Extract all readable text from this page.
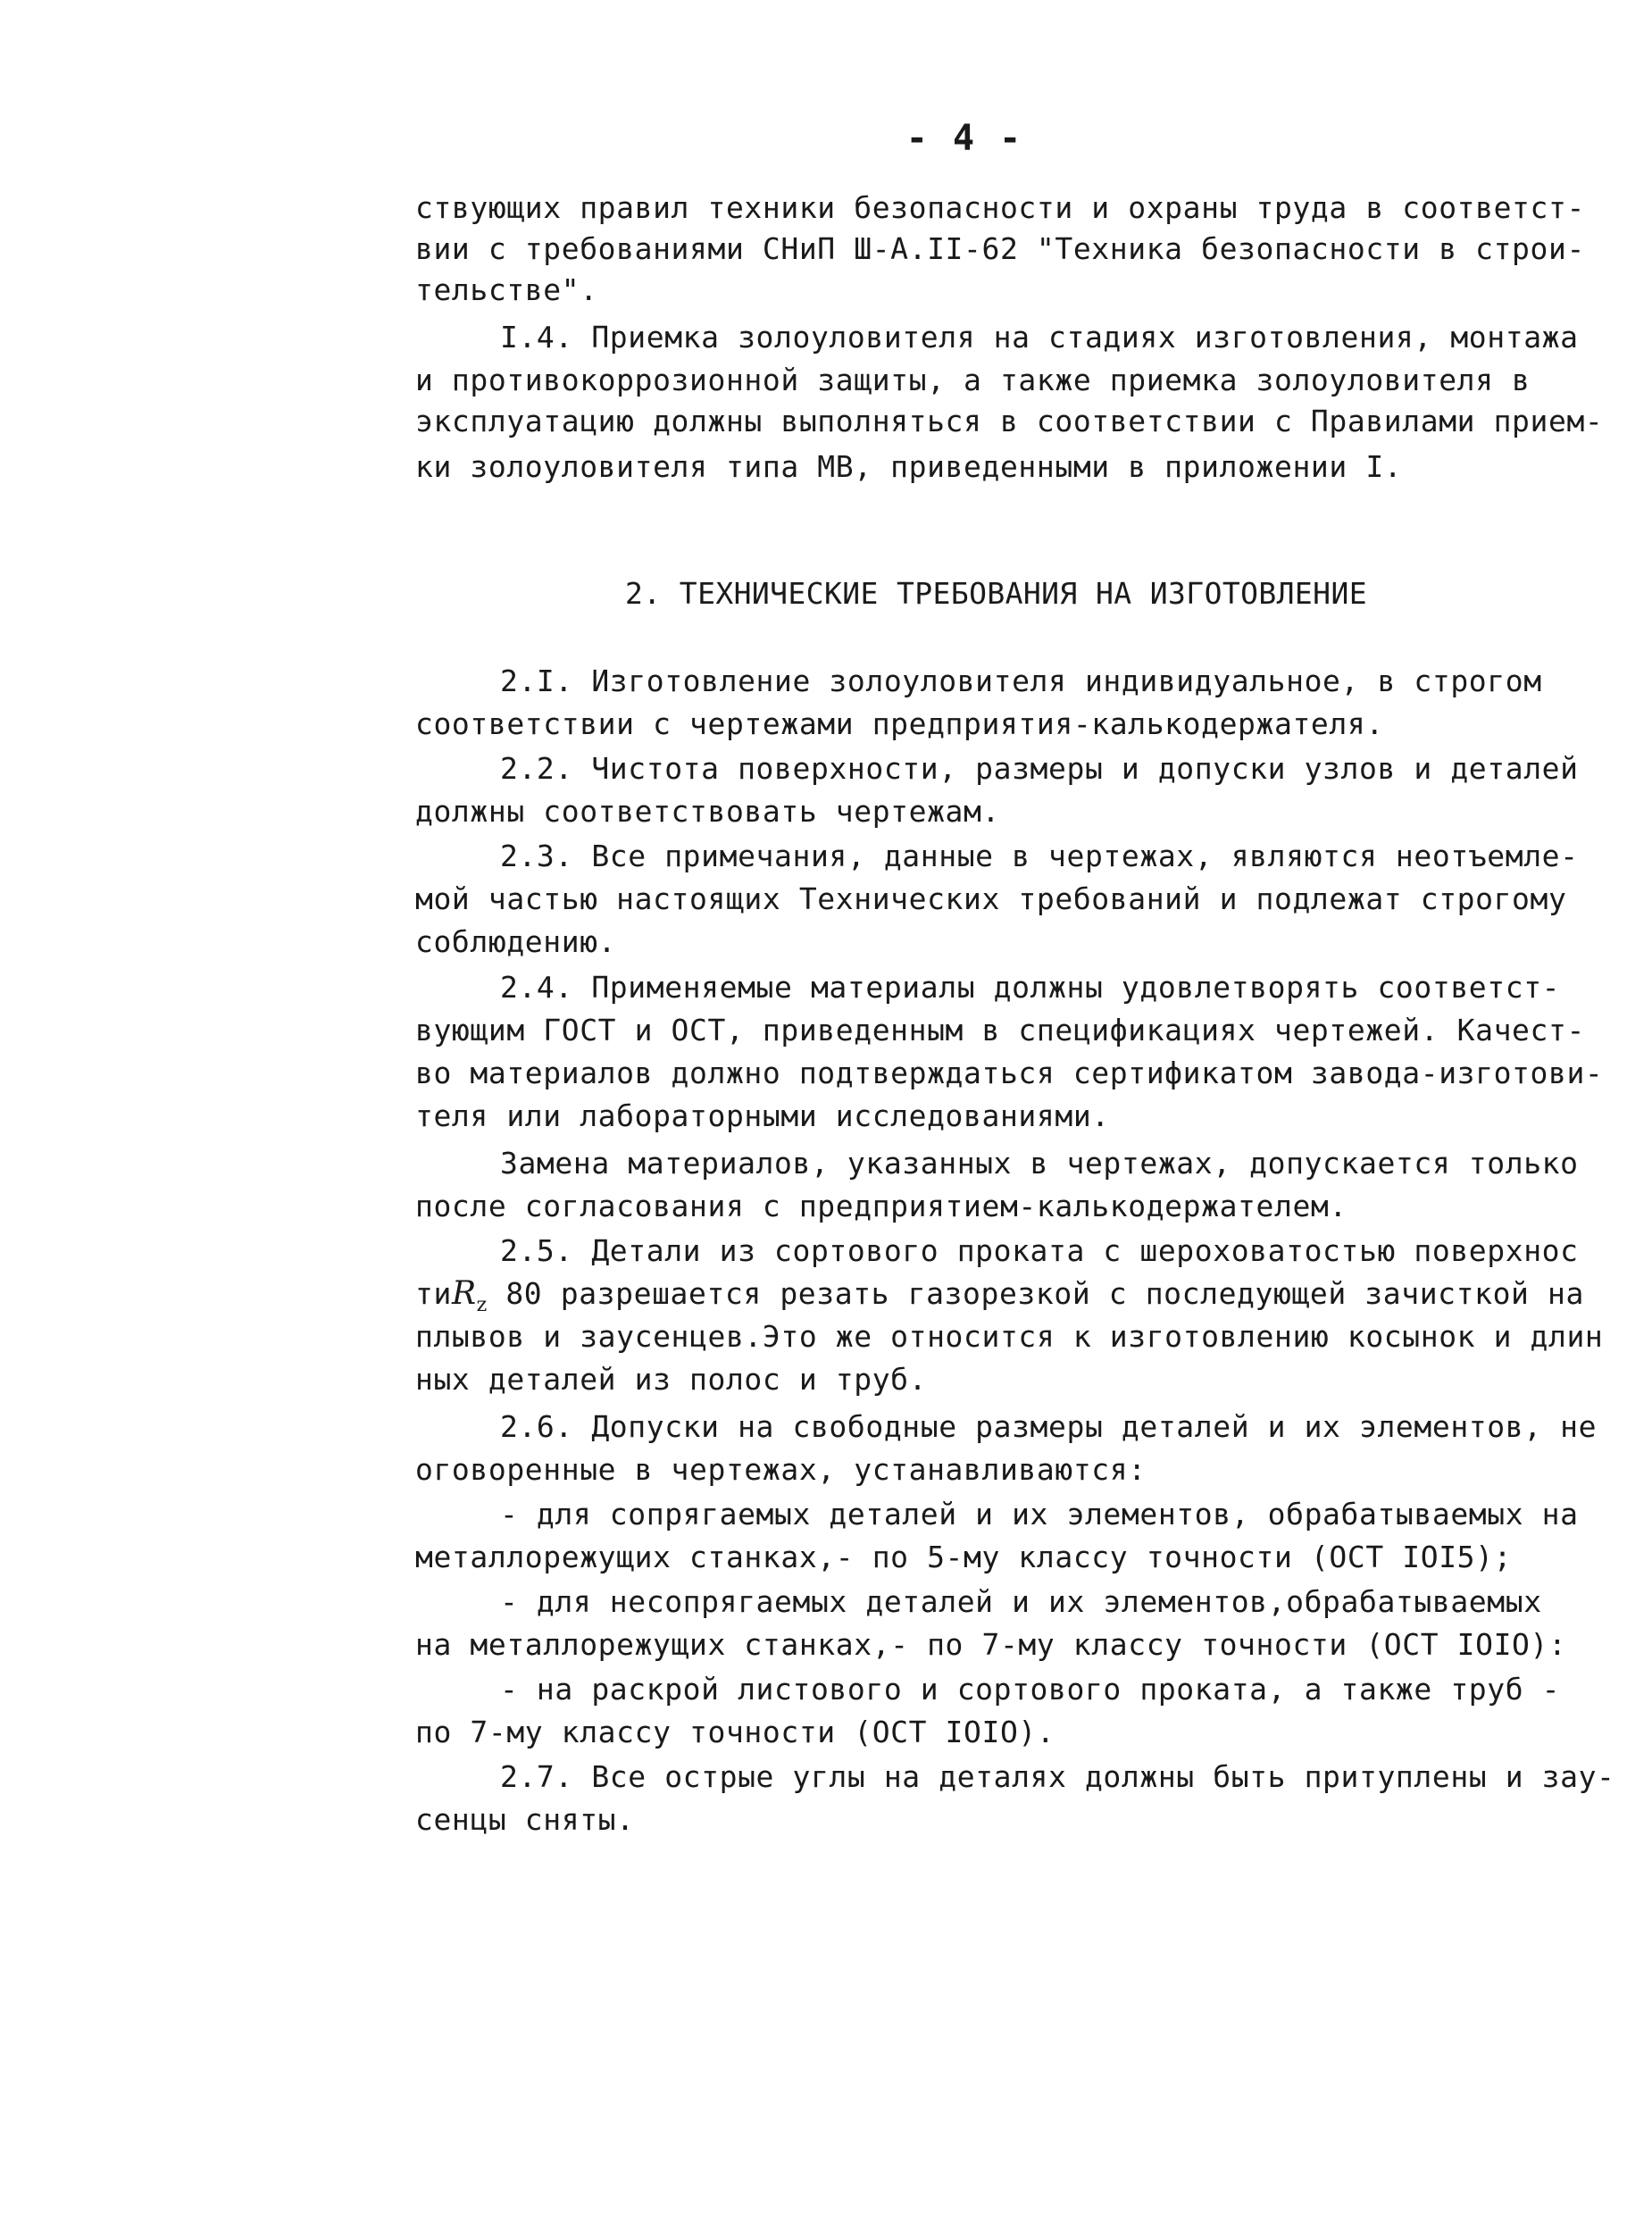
- 4 -
ствующих правил техники безопасности и охраны труда в соответст-
вии с требованиями СНиП Ш-А.II-62 "Техника безопасности в строи-
тельстве".
I.4. Приемка золоуловителя на стадиях изготовления, монтажа
и противокоррозионной защиты, а также приемка золоуловителя в
эксплуатацию должны выполняться в соответствии с Правилами прием-
ки золоуловителя типа МВ, приведенными в приложении I.
2. ТЕХНИЧЕСКИЕ ТРЕБОВАНИЯ НА ИЗГОТОВЛЕНИЕ
2.I. Изготовление золоуловителя индивидуальное, в строгом
соответствии с чертежами предприятия-калькодержателя.
2.2. Чистота поверхности, размеры и допуски узлов и деталей
должны соответствовать чертежам.
2.3. Все примечания, данные в чертежах, являются неотъемле-
мой частью настоящих Технических требований и подлежат строгому
соблюдению.
2.4. Применяемые материалы должны удовлетворять соответст-
вующим ГОСТ и ОСТ, приведенным в спецификациях чертежей. Качест-
во материалов должно подтверждаться сертификатом завода-изготови-
теля или лабораторными исследованиями.
Замена материалов, указанных в чертежах, допускается только
после согласования с предприятием-калькодержателем.
2.5. Детали из сортового проката с шероховатостью поверхнос
тиR$_z$ 80 разрешается резать газорезкой с последующей зачисткой на
плывов и заусенцев.Это же относится к изготовлению косынок и длин
ных деталей из полос и труб.
2.6. Допуски на свободные размеры деталей и их элементов, не
оговоренные в чертежах, устанавливаются:
- для сопрягаемых деталей и их элементов, обрабатываемых на
металлорежущих станках,- по 5-му классу точности (ОСТ IOI5);
- для несопрягаемых деталей и их элементов,обрабатываемых
на металлорежущих станках,- по 7-му классу точности (ОСТ IOIO):
- на раскрой листового и сортового проката, а также труб -
по 7-му классу точности (ОСТ IOIO).
2.7. Все острые углы на деталях должны быть притуплены и зау-
сенцы сняты.
